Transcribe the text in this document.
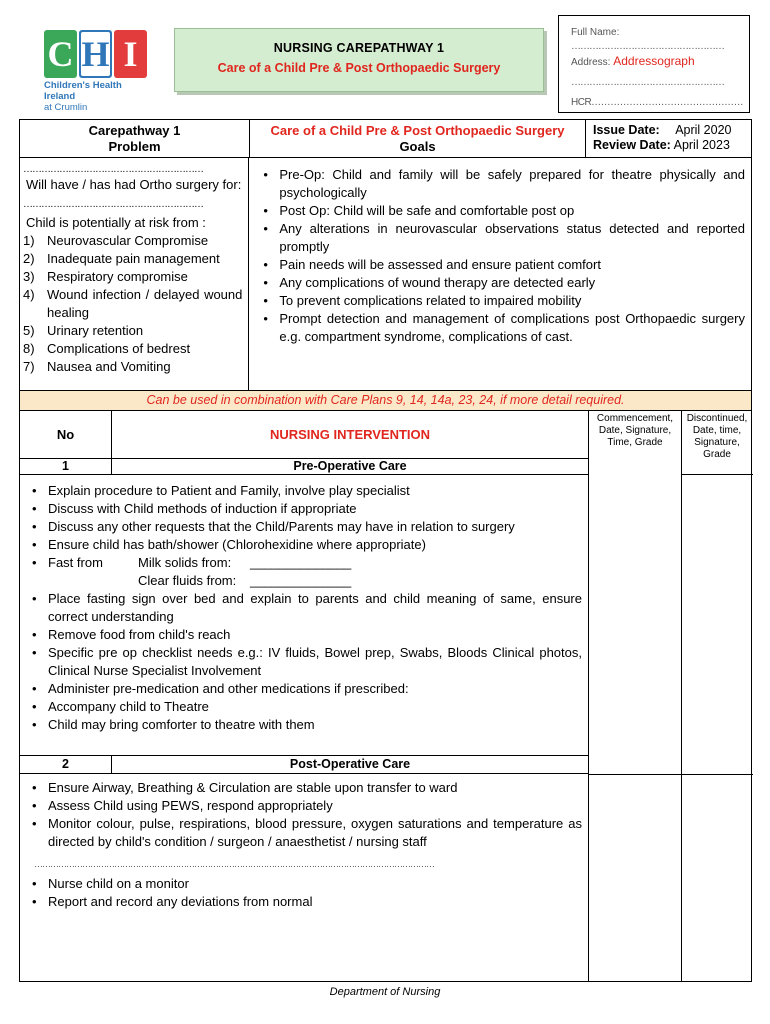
C H I
Children's Health Ireland
at Crumlin
NURSING CAREPATHWAY 1
Care of a Child Pre & Post Orthopaedic Surgery
Full Name:
……………………………………………
Address: Addressograph
……………………………………………
HCR…………………………………………
Carepathway 1
Problem
Care of a Child Pre & Post Orthopaedic Surgery
Goals
Issue Date: April 2020
Review Date: April 2023
……………………………………………………
Will have / has had Ortho surgery for:
……………………………………………………
Child is potentially at risk from :
1) Neurovascular Compromise
2) Inadequate pain management
3) Respiratory compromise
4) Wound infection / delayed wound healing
5) Urinary retention
8) Complications of bedrest
7) Nausea and Vomiting
• Pre-Op: Child and family will be safely prepared for theatre physically and psychologically
• Post Op: Child will be safe and comfortable post op
• Any alterations in neurovascular observations status detected and reported promptly
• Pain needs will be assessed and ensure patient comfort
• Any complications of wound therapy are detected early
• To prevent complications related to impaired mobility
• Prompt detection and management of complications post Orthopaedic surgery e.g. compartment syndrome, complications of cast.
Can be used in combination with Care Plans 9, 14, 14a, 23, 24, if more detail required.
No	NURSING INTERVENTION
Commencement, Date, Signature, Time, Grade
Discontinued, Date, time, Signature, Grade
1	Pre-Operative Care
• Explain procedure to Patient and Family, involve play specialist
• Discuss with Child methods of induction if appropriate
• Discuss any other requests that the Child/Parents may have in relation to surgery
• Ensure child has bath/shower (Chlorohexidine where appropriate)
• Fast from	Milk solids from: ______________
Clear fluids from: ______________
• Place fasting sign over bed and explain to parents and child meaning of same, ensure correct understanding
• Remove food from child's reach
• Specific pre op checklist needs e.g.: IV fluids, Bowel prep, Swabs, Bloods Clinical photos, Clinical Nurse Specialist Involvement
• Administer pre-medication and other medications if prescribed:
• Accompany child to Theatre
• Child may bring comforter to theatre with them
2	Post-Operative Care
• Ensure Airway, Breathing & Circulation are stable upon transfer to ward
• Assess Child using PEWS, respond appropriately
• Monitor colour, pulse, respirations, blood pressure, oxygen saturations and temperature as directed by child's condition / surgeon / anaesthetist / nursing staff
……………………………………………………………………………………………………………………………………
• Nurse child on a monitor
• Report and record any deviations from normal
Department of Nursing
